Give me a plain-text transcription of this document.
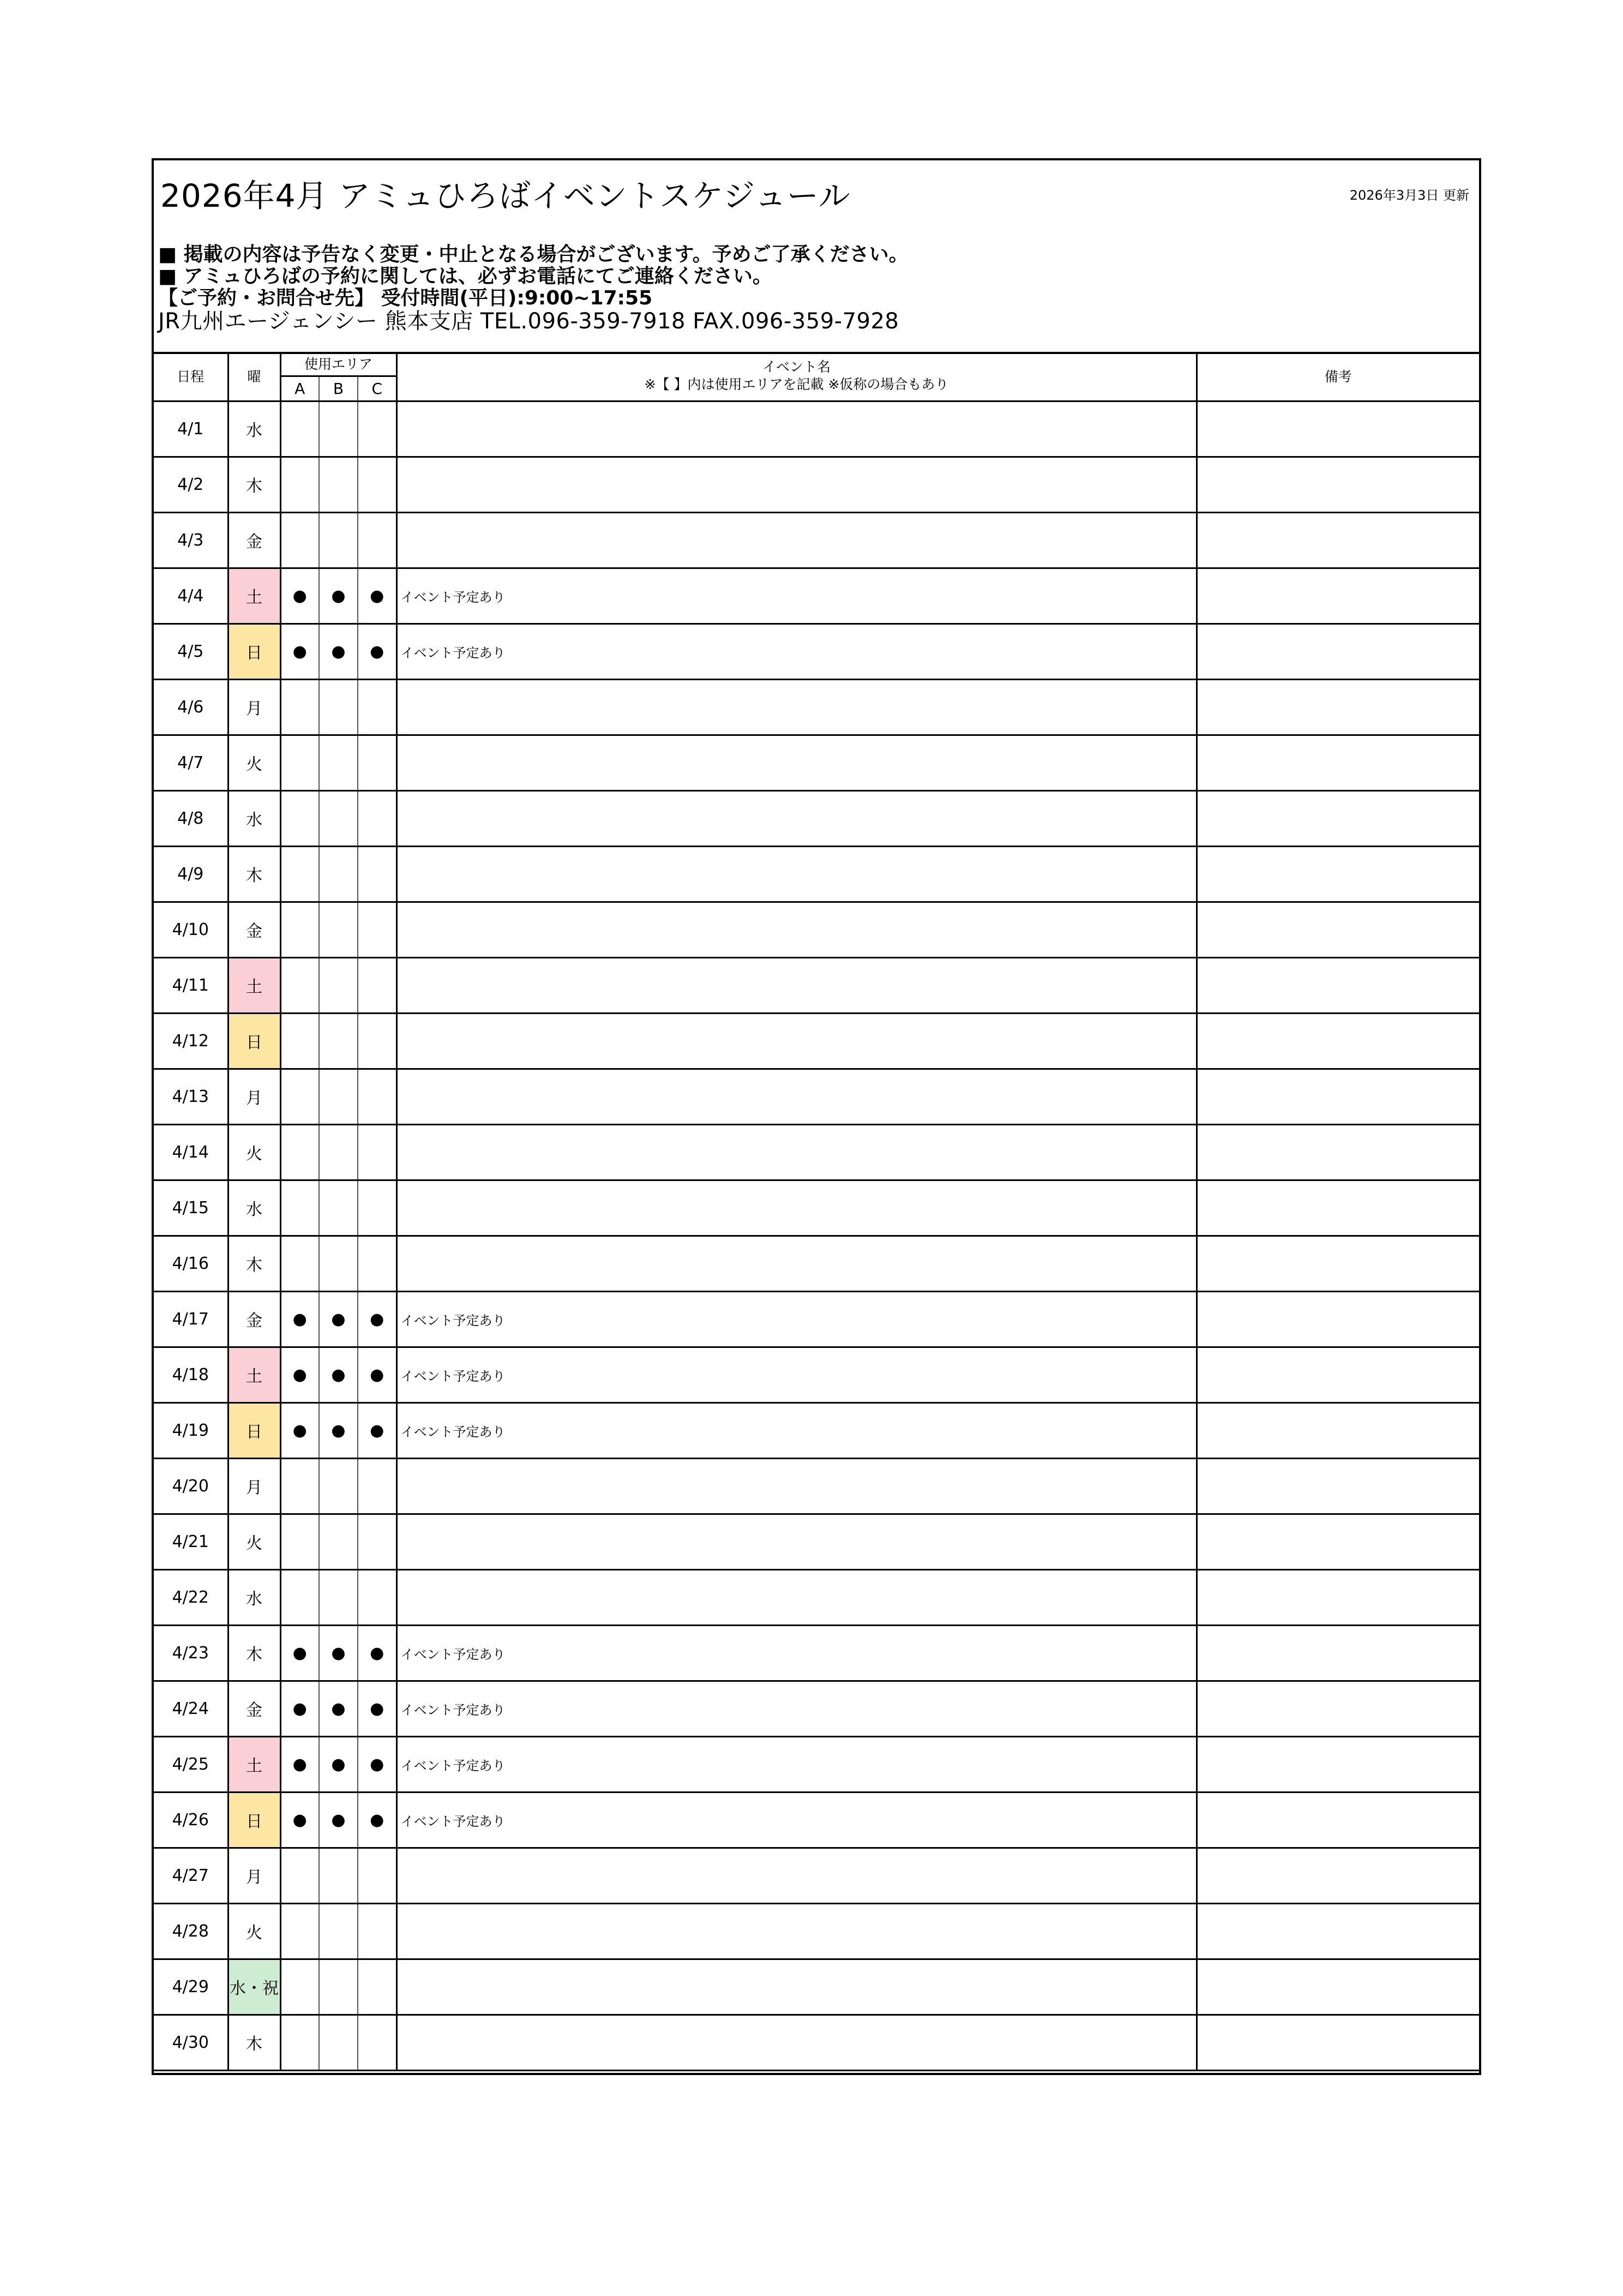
2026年4月 アミュひろばイベントスケジュール	2026年3月3日 更新
■ 掲載の内容は予告なく変更・中止となる場合がございます。予めご了承ください。
■ アミュひろばの予約に関しては、必ずお電話にてご連絡ください。
【ご予約・お問合せ先】 受付時間(平日):9:00~17:55
JR九州エージェンシー 熊本支店 TEL.096-359-7918 FAX.096-359-7928
日程	曜	使用エリア			イベント名
※【 】内は使用エリアを記載 ※仮称の場合もあり	備考
		A	B	C		
4/1	水					
4/2	木					
4/3	金					
4/4	土	●	●	●	イベント予定あり	
4/5	日	●	●	●	イベント予定あり	
4/6	月					
4/7	火					
4/8	水					
4/9	木					
4/10	金					
4/11	土					
4/12	日					
4/13	月					
4/14	火					
4/15	水					
4/16	木					
4/17	金	●	●	●	イベント予定あり	
4/18	土	●	●	●	イベント予定あり	
4/19	日	●	●	●	イベント予定あり	
4/20	月					
4/21	火					
4/22	水					
4/23	木	●	●	●	イベント予定あり	
4/24	金	●	●	●	イベント予定あり	
4/25	土	●	●	●	イベント予定あり	
4/26	日	●	●	●	イベント予定あり	
4/27	月					
4/28	火					
4/29	水・祝					
4/30	木					
